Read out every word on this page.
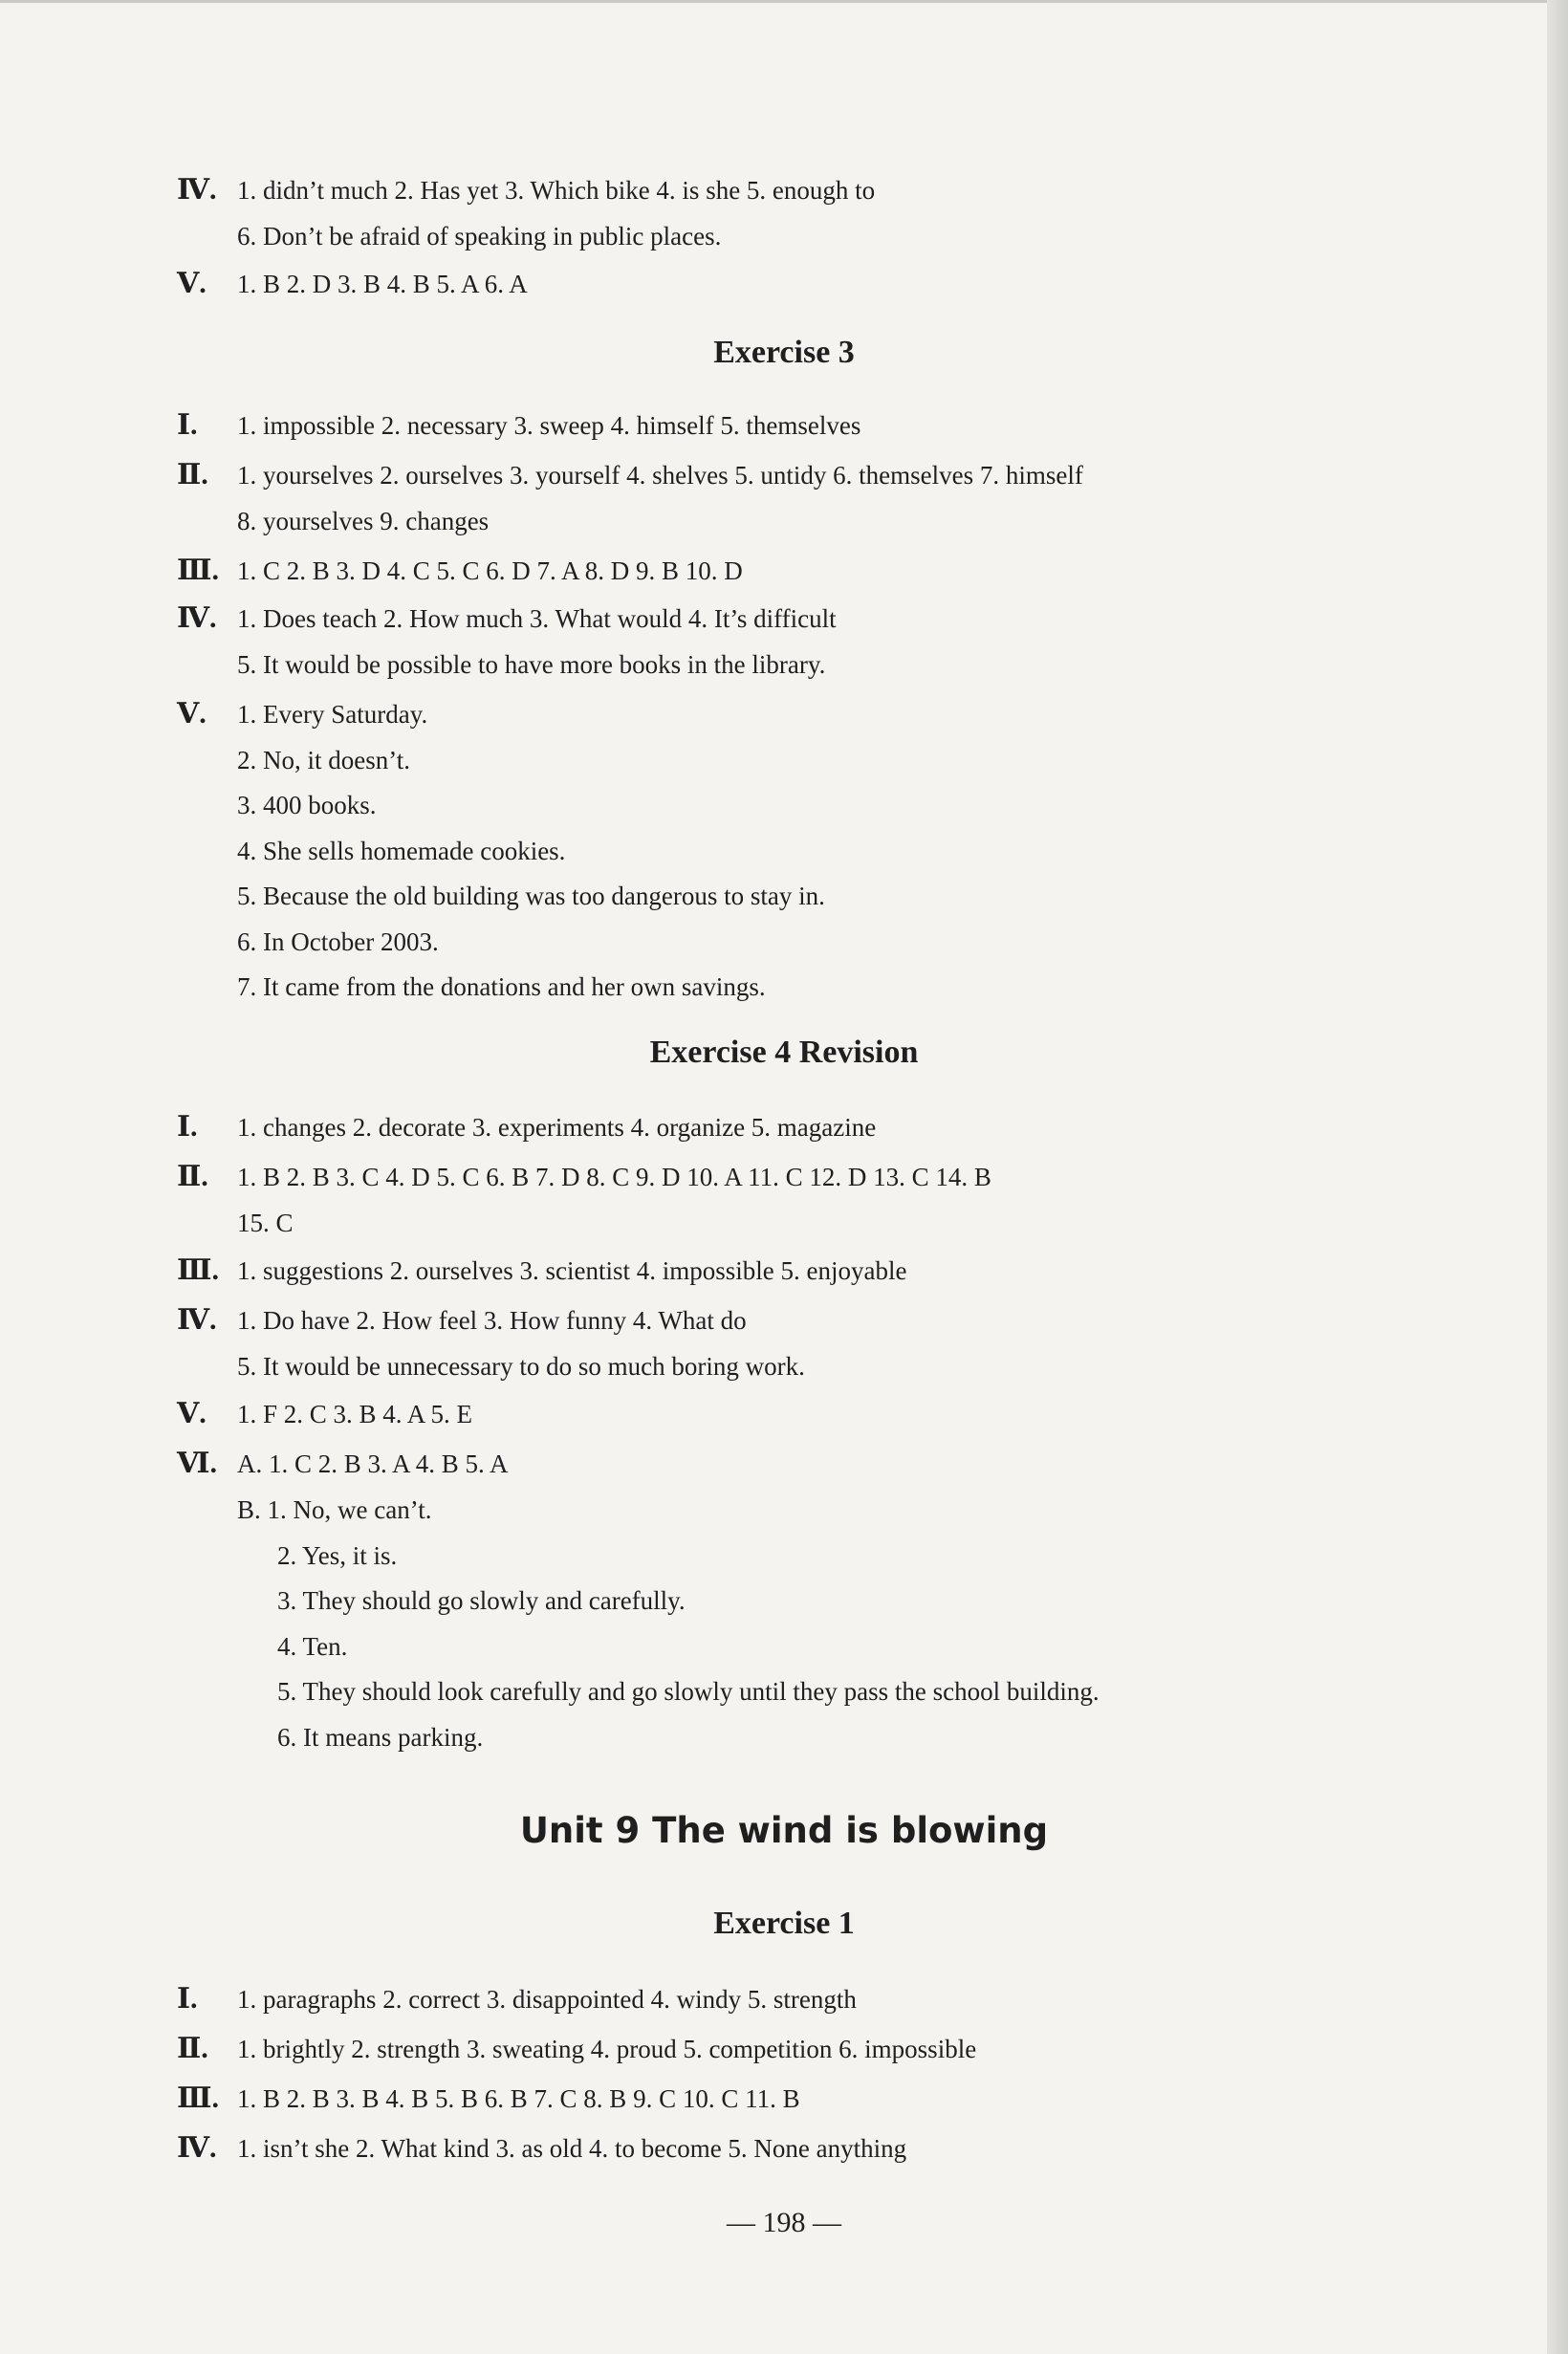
Ⅳ. 1. didn’t much 2. Has yet 3. Which bike 4. is she 5. enough to
6. Don’t be afraid of speaking in public places.
Ⅴ. 1. B 2. D 3. B 4. B 5. A 6. A
Exercise 3
Ⅰ. 1. impossible 2. necessary 3. sweep 4. himself 5. themselves
Ⅱ. 1. yourselves 2. ourselves 3. yourself 4. shelves 5. untidy 6. themselves 7. himself
8. yourselves 9. changes
Ⅲ. 1. C 2. B 3. D 4. C 5. C 6. D 7. A 8. D 9. B 10. D
Ⅳ. 1. Does teach 2. How much 3. What would 4. It’s difficult
5. It would be possible to have more books in the library.
Ⅴ. 1. Every Saturday.
2. No, it doesn’t.
3. 400 books.
4. She sells homemade cookies.
5. Because the old building was too dangerous to stay in.
6. In October 2003.
7. It came from the donations and her own savings.
Exercise 4 Revision
Ⅰ. 1. changes 2. decorate 3. experiments 4. organize 5. magazine
Ⅱ. 1. B 2. B 3. C 4. D 5. C 6. B 7. D 8. C 9. D 10. A 11. C 12. D 13. C 14. B
15. C
Ⅲ. 1. suggestions 2. ourselves 3. scientist 4. impossible 5. enjoyable
Ⅳ. 1. Do have 2. How feel 3. How funny 4. What do
5. It would be unnecessary to do so much boring work.
Ⅴ. 1. F 2. C 3. B 4. A 5. E
Ⅵ. A. 1. C 2. B 3. A 4. B 5. A
B. 1. No, we can’t.
2. Yes, it is.
3. They should go slowly and carefully.
4. Ten.
5. They should look carefully and go slowly until they pass the school building.
6. It means parking.
Unit 9 The wind is blowing
Exercise 1
Ⅰ. 1. paragraphs 2. correct 3. disappointed 4. windy 5. strength
Ⅱ. 1. brightly 2. strength 3. sweating 4. proud 5. competition 6. impossible
Ⅲ. 1. B 2. B 3. B 4. B 5. B 6. B 7. C 8. B 9. C 10. C 11. B
Ⅳ. 1. isn’t she 2. What kind 3. as old 4. to become 5. None anything
— 198 —
